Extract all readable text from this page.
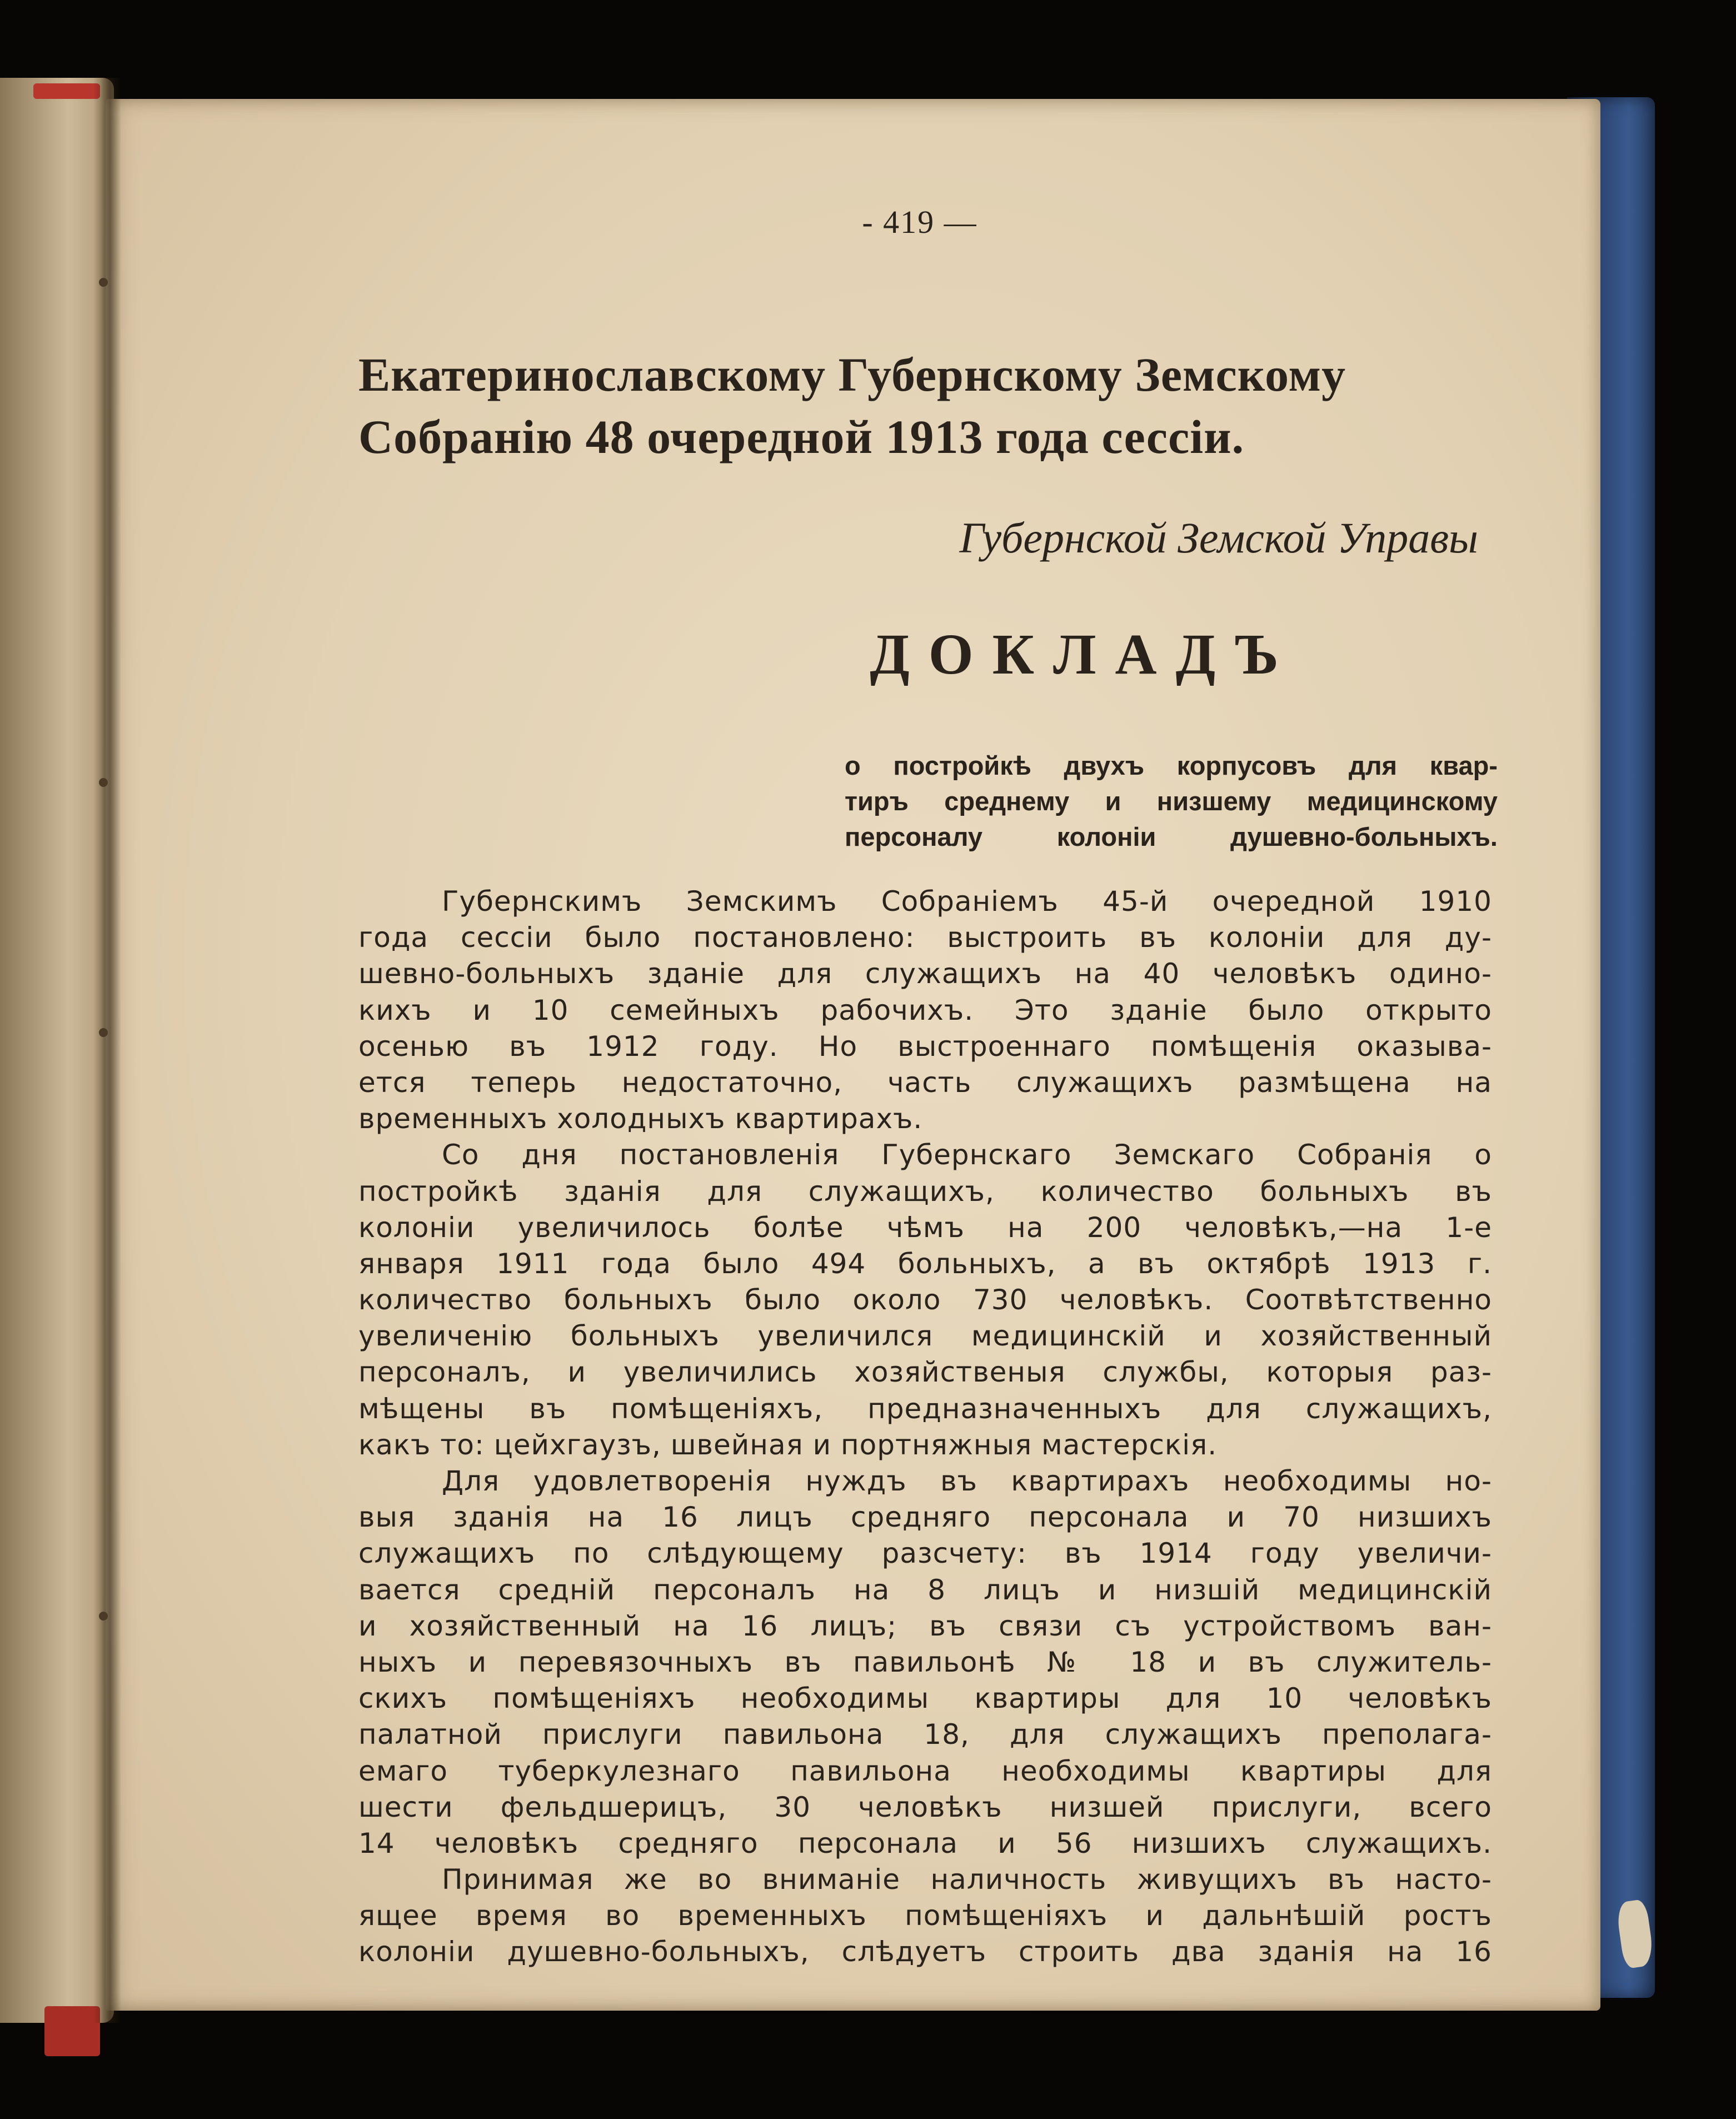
- 419 —
Екатеринославскому Губернскому Земскому
Собранію 48 очередной 1913 года сессіи.
Губернской Земской Управы
ДОКЛАДЪ
о постройкѣ двухъ корпусовъ для квар-
тиръ среднему и низшему медицинскому
персоналу колоніи душевно-больныхъ.
Губернскимъ Земскимъ Собраніемъ 45-й очередной 1910
года сессіи было постановлено: выстроить въ колоніи для ду-
шевно-больныхъ зданіе для служащихъ на 40 человѣкъ одино-
кихъ и 10 семейныхъ рабочихъ. Это зданіе было открыто
осенью въ 1912 году. Но выстроеннаго помѣщенія оказыва-
ется теперь недостаточно, часть служащихъ размѣщена на
временныхъ холодныхъ квартирахъ.
Со дня постановленія Губернскаго Земскаго Собранія о
постройкѣ зданія для служащихъ, количество больныхъ въ
колоніи увеличилось болѣе чѣмъ на 200 человѣкъ,—на 1-е
января 1911 года было 494 больныхъ, а въ октябрѣ 1913 г.
количество больныхъ было около 730 человѣкъ. Соотвѣтственно
увеличенію больныхъ увеличился медицинскій и хозяйственный
персоналъ, и увеличились хозяйственыя службы, которыя раз-
мѣщены въ помѣщеніяхъ, предназначенныхъ для служащихъ,
какъ то: цейхгаузъ, швейная и портняжныя мастерскія.
Для удовлетворенія нуждъ въ квартирахъ необходимы но-
выя зданія на 16 лицъ средняго персонала и 70 низшихъ
служащихъ по слѣдующему разсчету: въ 1914 году увеличи-
вается средній персоналъ на 8 лицъ и низшій медицинскій
и хозяйственный на 16 лицъ; въ связи съ устройствомъ ван-
ныхъ и перевязочныхъ въ павильонѣ № 18 и въ служитель-
скихъ помѣщеніяхъ необходимы квартиры для 10 человѣкъ
палатной прислуги павильона 18, для служащихъ преполага-
емаго туберкулезнаго павильона необходимы квартиры для
шести фельдшерицъ, 30 человѣкъ низшей прислуги, всего
14 человѣкъ средняго персонала и 56 низшихъ служащихъ.
Принимая же во вниманіе наличность живущихъ въ насто-
ящее время во временныхъ помѣщеніяхъ и дальнѣшій ростъ
колоніи душевно-больныхъ, слѣдуетъ строить два зданія на 16
